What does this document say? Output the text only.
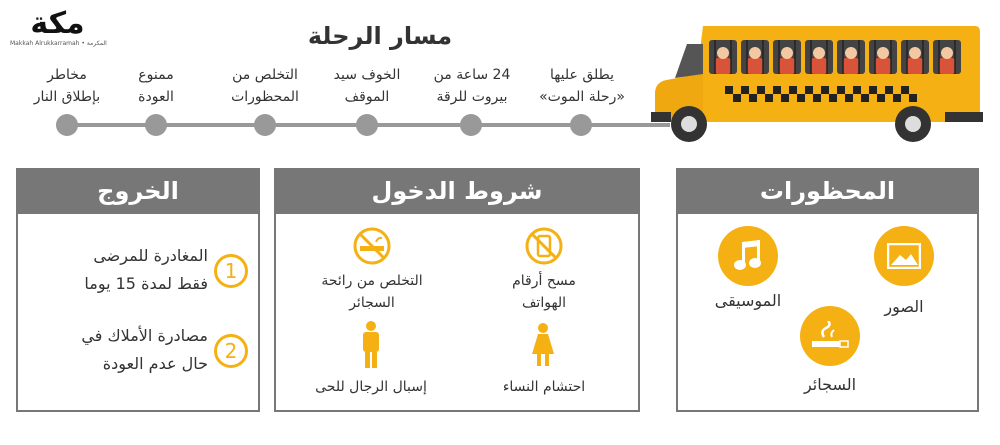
مكة
Makkah Alrukkarramah • المكرمة	مسار الرحلة
يطلق عليها
«رحلة الموت»
24 ساعة من
بيروت للرقة
الخوف سيد
الموقف
التخلص من
المحظورات
ممنوع
العودة
مخاطر
بإطلاق النار
الخروج
1
المغادرة للمرضى
فقط لمدة 15 يوما
2
مصادرة الأملاك في
حال عدم العودة
شروط الدخول
مسح أرقام
الهواتف
التخلص من رائحة
السجائر
احتشام النساء
إسبال الرجال للحى
المحظورات
الصور
الموسيقى
السجائر
